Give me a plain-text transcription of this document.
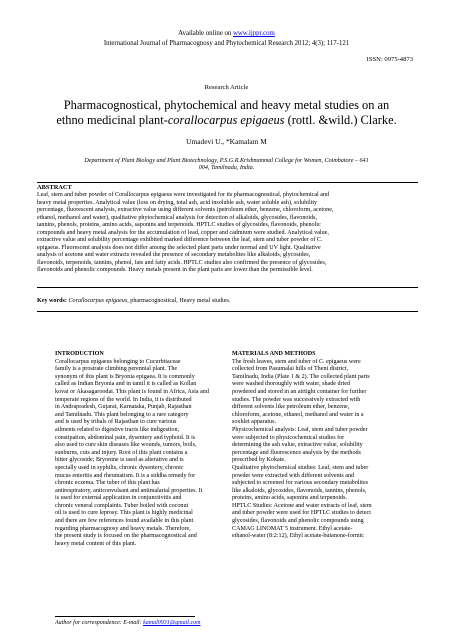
Available online on www.ijppr.com
International Journal of Pharmacognosy and Phytochemical Research 2012; 4(3); 117-121
ISSN: 0975-4873
Research Article
Pharmacognostical, phytochemical and heavy metal studies on an
ethno medicinal plant-corallocarpus epigaeus (rottl. &wild.) Clarke.
Umadevi U., *Kamalam M
Department of Plant Biology and Plant Biotechnology, P.S.G.R.Krishnammal College for Women, Coimbatore – 641
004, Tamilnadu, India.
ABSTRACT
Leaf, stem and tuber powder of Corallocarpus epigaeus were investigated for its pharmacognostical, phytochemical and
heavy metal properties. Analytical value (loss on drying, total ash, acid insoluble ash, water soluble ash), solubility
percentage, fluorescent analysis, extractive value using different solvents (petroleum ether, benzene, chloroform, acetone,
ethanol, methanol and water), qualitative phytochemical analysis for detection of alkaloids, glycosides, flavonoids,
tannins, phenols, proteins, amino acids, saponins and terpenoids. HPTLC studies of glycosides, flavonoids, phenolic
compounds and heavy metal analysis for the accumulation of lead, copper and cadmium were studied. Analytical value,
extractive value and solubility percentage exhibited marked difference between the leaf, stem and tuber powder of C.
epigaeus. Fluorescent analysis does not differ among the selected plant parts under normal and UV light. Qualitative
analysis of acetone and water extracts revealed the presence of secondary metabolites like alkaloids, glycosides,
flavonoids, terpenoids, tannins, phenol, fats and fatty acids. HPTLC studies also confirmed the presence of glycosides,
flavonoids and phenolic compounds. Heavy metals present in the plant parts are lower than the permissible level.
Key words: Corallocarpus epigaeus, pharmacognostical, Heavy metal studies.
INTRODUCTION
Corallocarpus epigaeus belonging to Cucurbitaceae
family is a prostrate climbing perennial plant. The
synonym of this plant is Bryonia epigaea. It is commonly
called as Indian Bryonia and in tamil it is called as Kollan
kovai or Akasagaroodai. This plant is found in Africa, Asia and
temperate regions of the world. In India, it is distributed
in Andrapradesh, Gujarat, Karnataka, Punjab, Rajasthan
and Tamilnadu. This plant belonging to a rare category
and is used by tribals of Rajasthan to cure various
ailments related to digestive tracts like indigestion,
constipation, abdominal pain, dysentery and typhoid. It is
also used to cure skin diseases like wounds, tumors, boils,
sunburns, cuts and injury. Root of this plant contains a
bitter glycoside; Bryonine is used as alterative and is
specially used in syphilis, chronic dysentery, chronic
mucus enteritis and rheumatism. It is a siddha remedy for
chronic eczema. The tuber of this plant has
antirespiratory, anticonvulsant and antimalarial properties. It
is used for external application in conjunctivitis and
chronic veneral complaints. Tuber boiled with coconut
oil is used to cure leprosy. This plant is highly medicinal
and there are few references found available in this plant
regarding pharmacognosy and heavy metals. Therefore,
the present study is focused on the pharmacognostical and
heavy metal content of this plant.
MATERIALS AND METHODS
The fresh leaves, stem and tuber of C. epigaeus were
collected from Pasumalai hills of Theni district,
Tamilnadu, India (Plate 1 & 2). The collected plant parts
were washed thoroughly with water, shade dried
powdered and stored in an airtight container for further
studies. The powder was successively extracted with
different solvents like petroleum ether, benzene,
chloroform, acetone, ethanol, methanol and water in a
soxhlet apparatus.
Physicochemical analysis: Leaf, stem and tuber powder
were subjected to physicochemical studies for
determining the ash value, extractive value, solubility
percentage and fluorescence analysis by the methods
prescribed by Kokate.
Qualitative phytochemical studies: Leaf, stem and tuber
powder were extracted with different solvents and
subjected to screened for various secondary metabolites
like alkaloids, glycosides, flavonoids, tannins, phenols,
proteins, amino acids, saponins and terpenoids.
HPTLC Studies: Acetone and water extracts of leaf, stem
and tuber powder were used for HPTLC studies to detect
glycosides, flavonoids and phenolic compounds using
CAMAG LINOMAT 5 instrument. Ethyl acetate-
ethanol-water (8:2:12), Ethyl acetate-butanone-formic
Author for correspondence: E-mail: kamal0931@gmail.com
